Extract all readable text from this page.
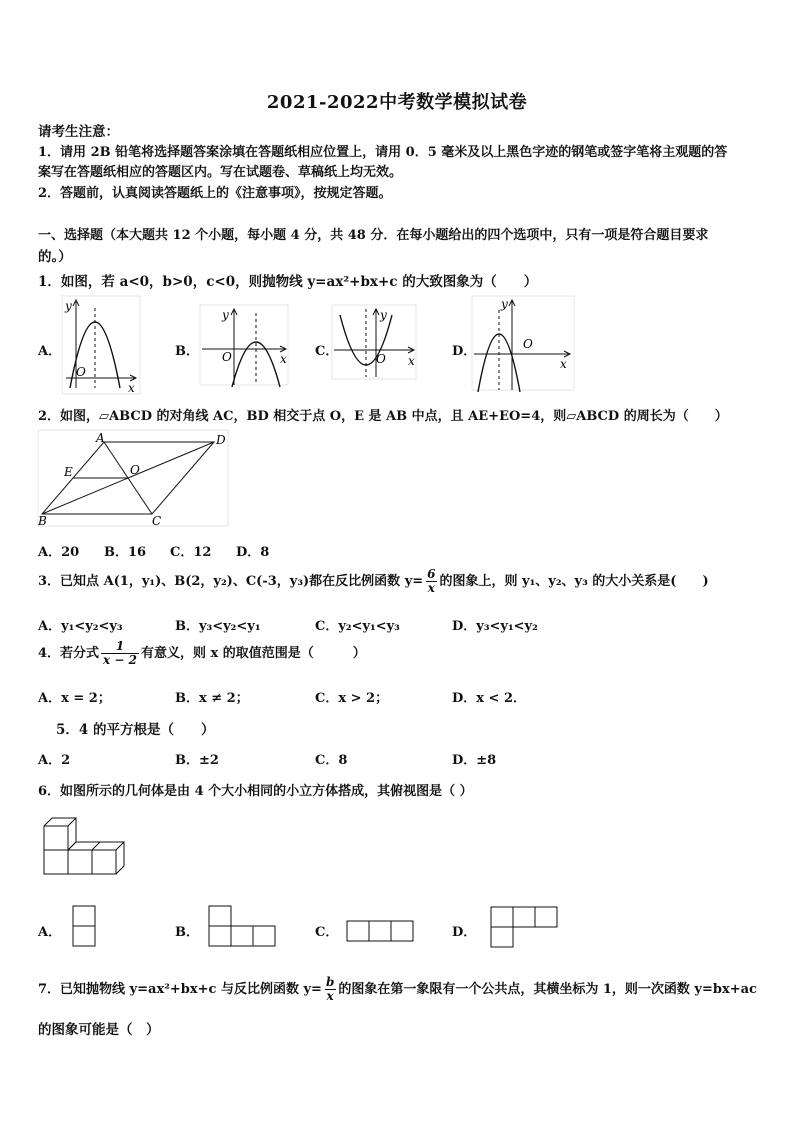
2021-2022中考数学模拟试卷
请考生注意：
1．请用 2B 铅笔将选择题答案涂填在答题纸相应位置上，请用 0．5 毫米及以上黑色字迹的钢笔或签字笔将主观题的答
案写在答题纸相应的答题区内。写在试题卷、草稿纸上均无效。
2．答题前，认真阅读答题纸上的《注意事项》，按规定答题。
一、选择题（本大题共 12 个小题，每小题 4 分，共 48 分．在每小题给出的四个选项中，只有一项是符合题目要求
的。）
1．如图，若 a<0，b>0，c<0，则抛物线 y=ax²+bx+c 的大致图象为（　　）
A．	B．	C．	D．
y
x
O
y
x
O
y
x
O
y
x
O
2．如图，▱ABCD 的对角线 AC，BD 相交于点 O，E 是 AB 中点，且 AE+EO=4，则▱ABCD 的周长为（　　）
A	D
E	O
B	C
A．20 B．16 C．12 D．8
3．已知点 A(1，y₁)、B(2，y₂)、C(-3，y₃)都在反比例函数 $y= \frac{6}{x}$ 的图象上，则 y₁、y₂、y₃ 的大小关系是(　　)
A．y₁<y₂<y₃	B．y₃<y₂<y₁	C．y₂<y₁<y₃	D．y₃<y₁<y₂
4．若分式 $\frac{1}{x - 2}$ 有意义，则 x 的取值范围是（　　　）
A．x = 2；	B．x ≠ 2；	C．x > 2；	D．x < 2．
5．4 的平方根是（　　）
A．2	B．±2	C．8	D．±8
6．如图所示的几何体是由 4 个大小相同的小立方体搭成，其俯视图是（ ）
A．	B．	C．	D．
7．已知抛物线 y=ax²+bx+c 与反比例函数 $y= \frac{b}{x}$ 的图象在第一象限有一个公共点，其横坐标为 1，则一次函数 y=bx+ac
的图象可能是（　）
